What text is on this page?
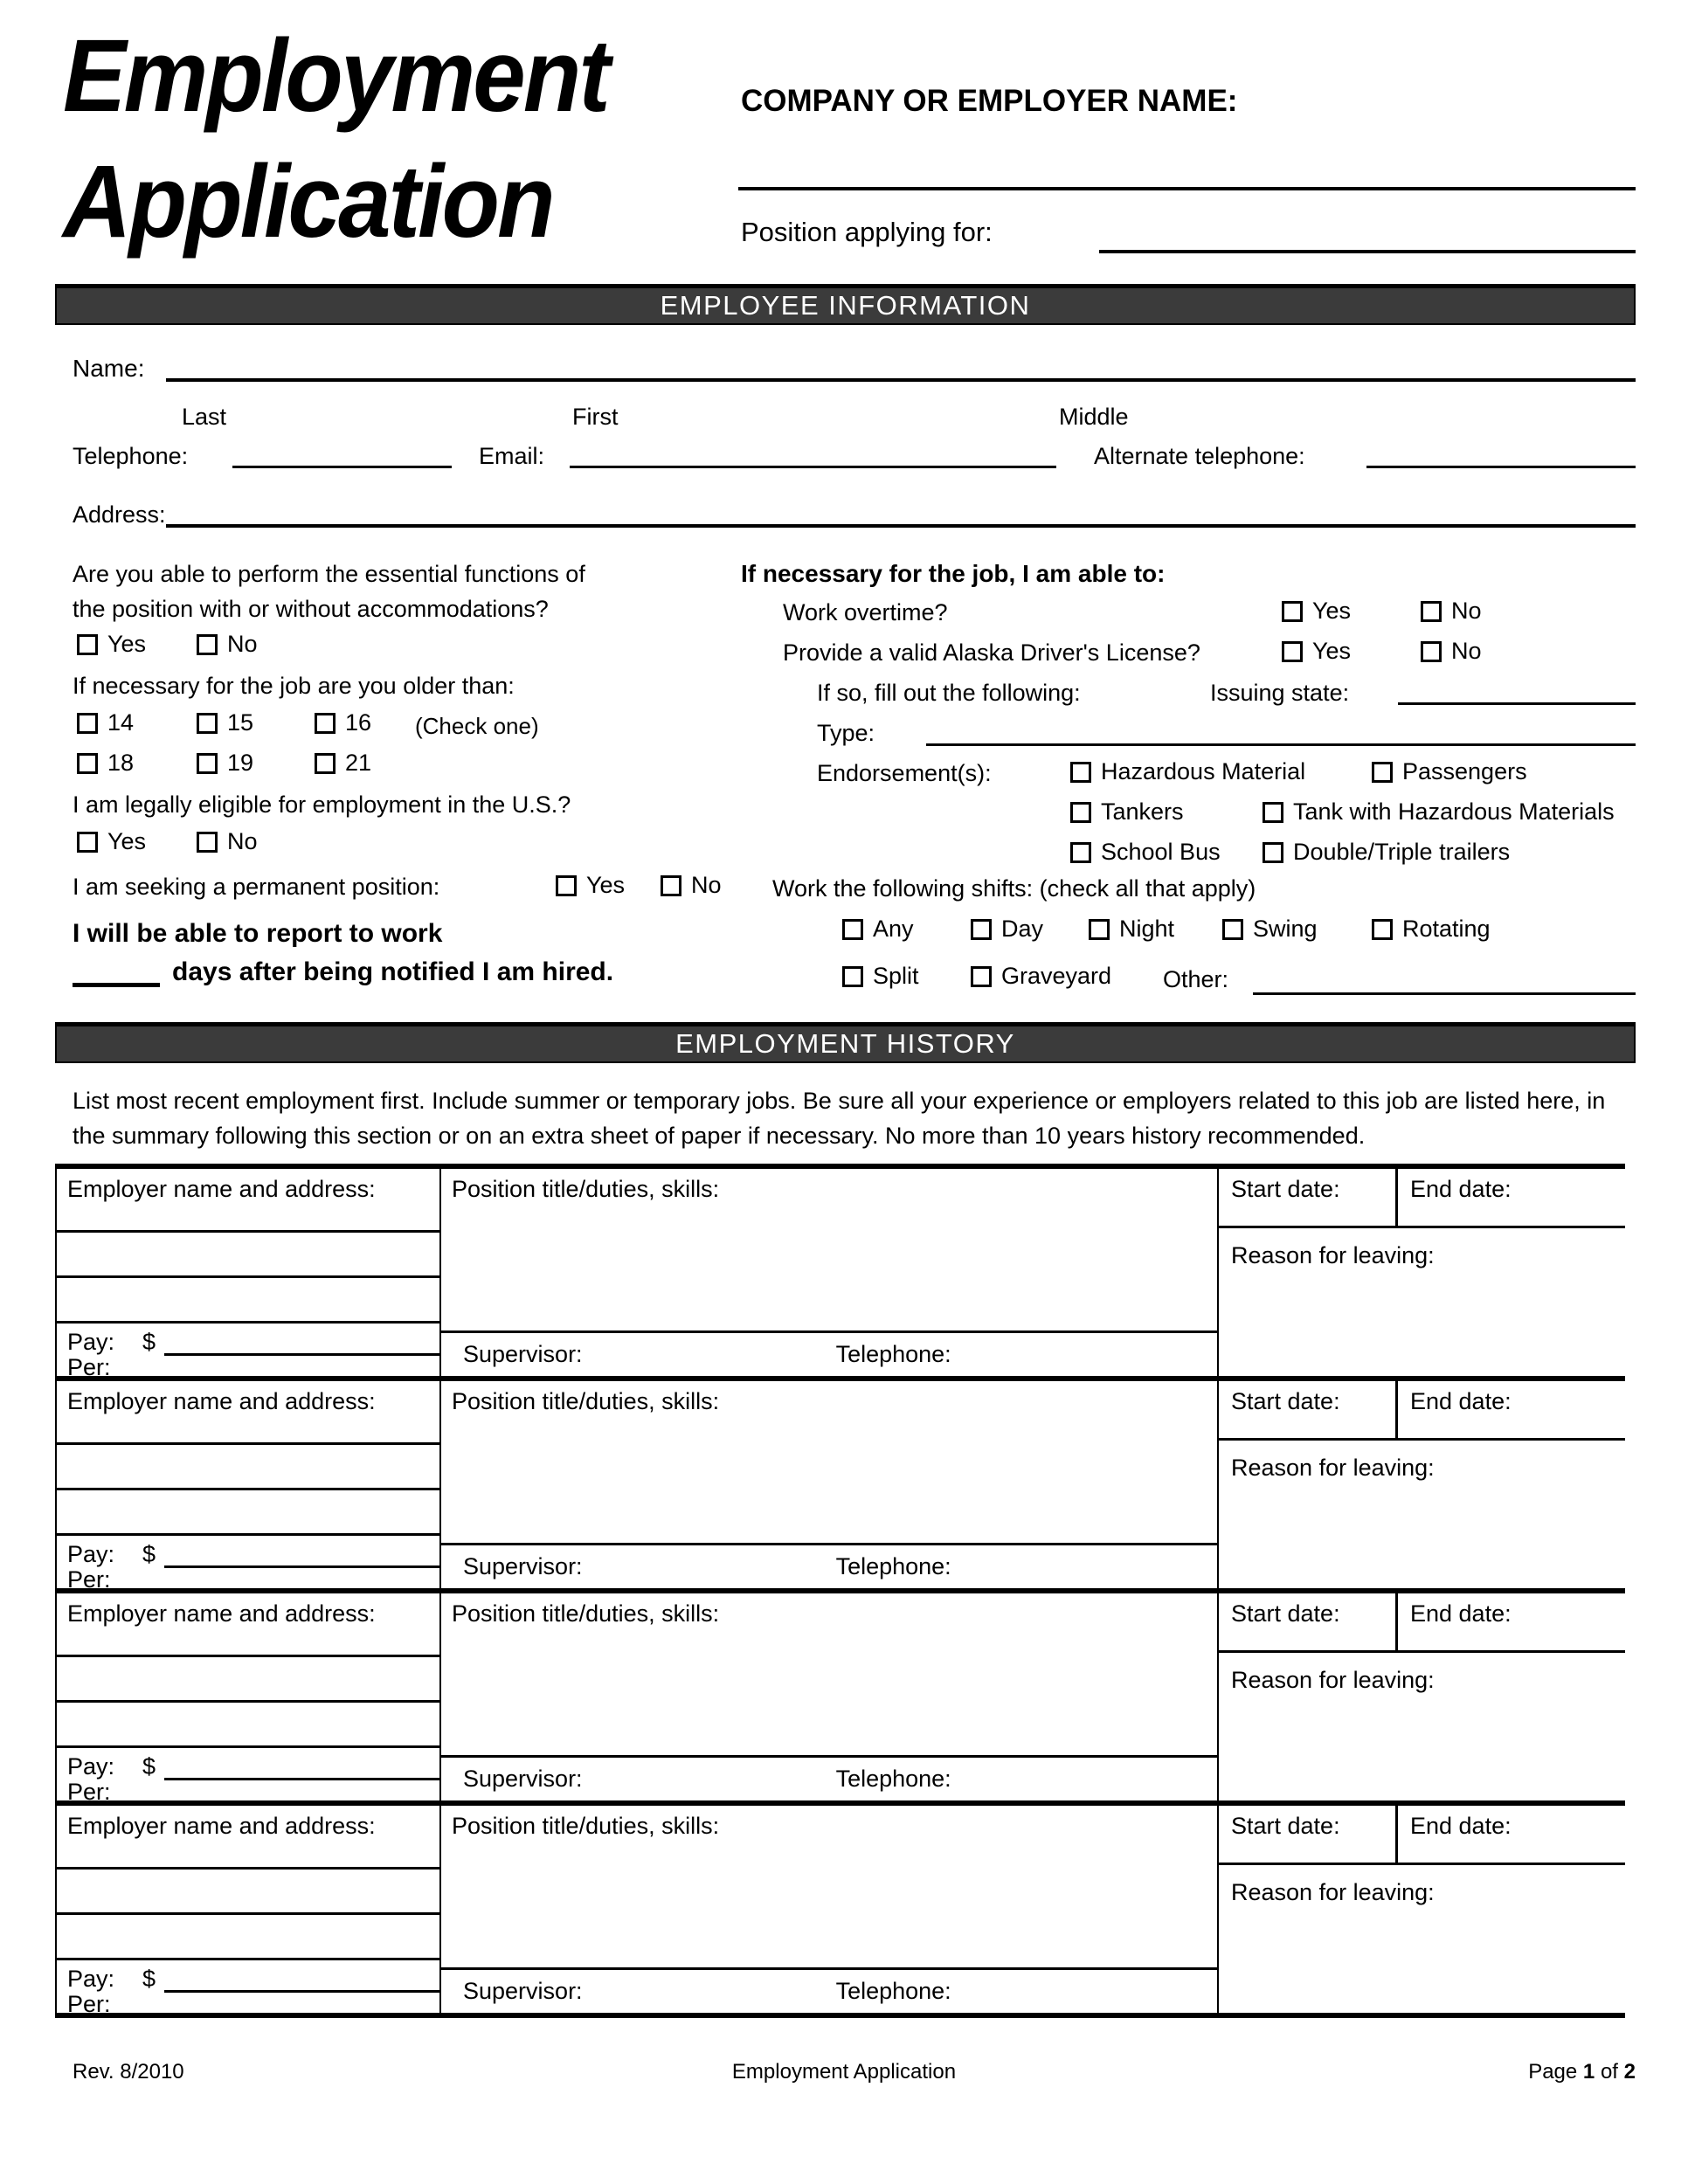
Employment
Application
COMPANY OR EMPLOYER NAME:
Position applying for:
EMPLOYEE INFORMATION
Name:
Last	First	Middle
Telephone:	Email:	Alternate telephone:
Address:
Are you able to perform the essential functions of
the position with or without accommodations?
Yes	No
If necessary for the job are you older than:
14	15	16 (Check one)
18	19	21
I am legally eligible for employment in the U.S.?
Yes	No
I am seeking a permanent position:	Yes	No
I will be able to report to work
days after being notified I am hired.
If necessary for the job, I am able to:
Work overtime?	Yes	No
Provide a valid Alaska Driver's License?	Yes	No
If so, fill out the following:	Issuing state:
Type:
Endorsement(s):	Hazardous Material	Passengers
Tankers	Tank with Hazardous Materials
School Bus	Double/Triple trailers
Work the following shifts: (check all that apply)
Any	Day	Night	Swing	Rotating
Split	Graveyard Other:
EMPLOYMENT HISTORY
List most recent employment first. Include summer or temporary jobs. Be sure all your experience or employers related to this job are listed here, in the summary following this section or on an extra sheet of paper if necessary. No more than 10 years history recommended.
Employer name and address:
Pay: $
Per:
Position title/duties, skills:
Supervisor:	Telephone:
Start date:	End date:
Reason for leaving:
Employer name and address:
Pay: $
Per:
Position title/duties, skills:
Supervisor:	Telephone:
Start date:	End date:
Reason for leaving:
Employer name and address:
Pay: $
Per:
Position title/duties, skills:
Supervisor:	Telephone:
Start date:	End date:
Reason for leaving:
Employer name and address:
Pay: $
Per:
Position title/duties, skills:
Supervisor:	Telephone:
Start date:	End date:
Reason for leaving:
Rev. 8/2010	Employment Application	Page 1 of 2
